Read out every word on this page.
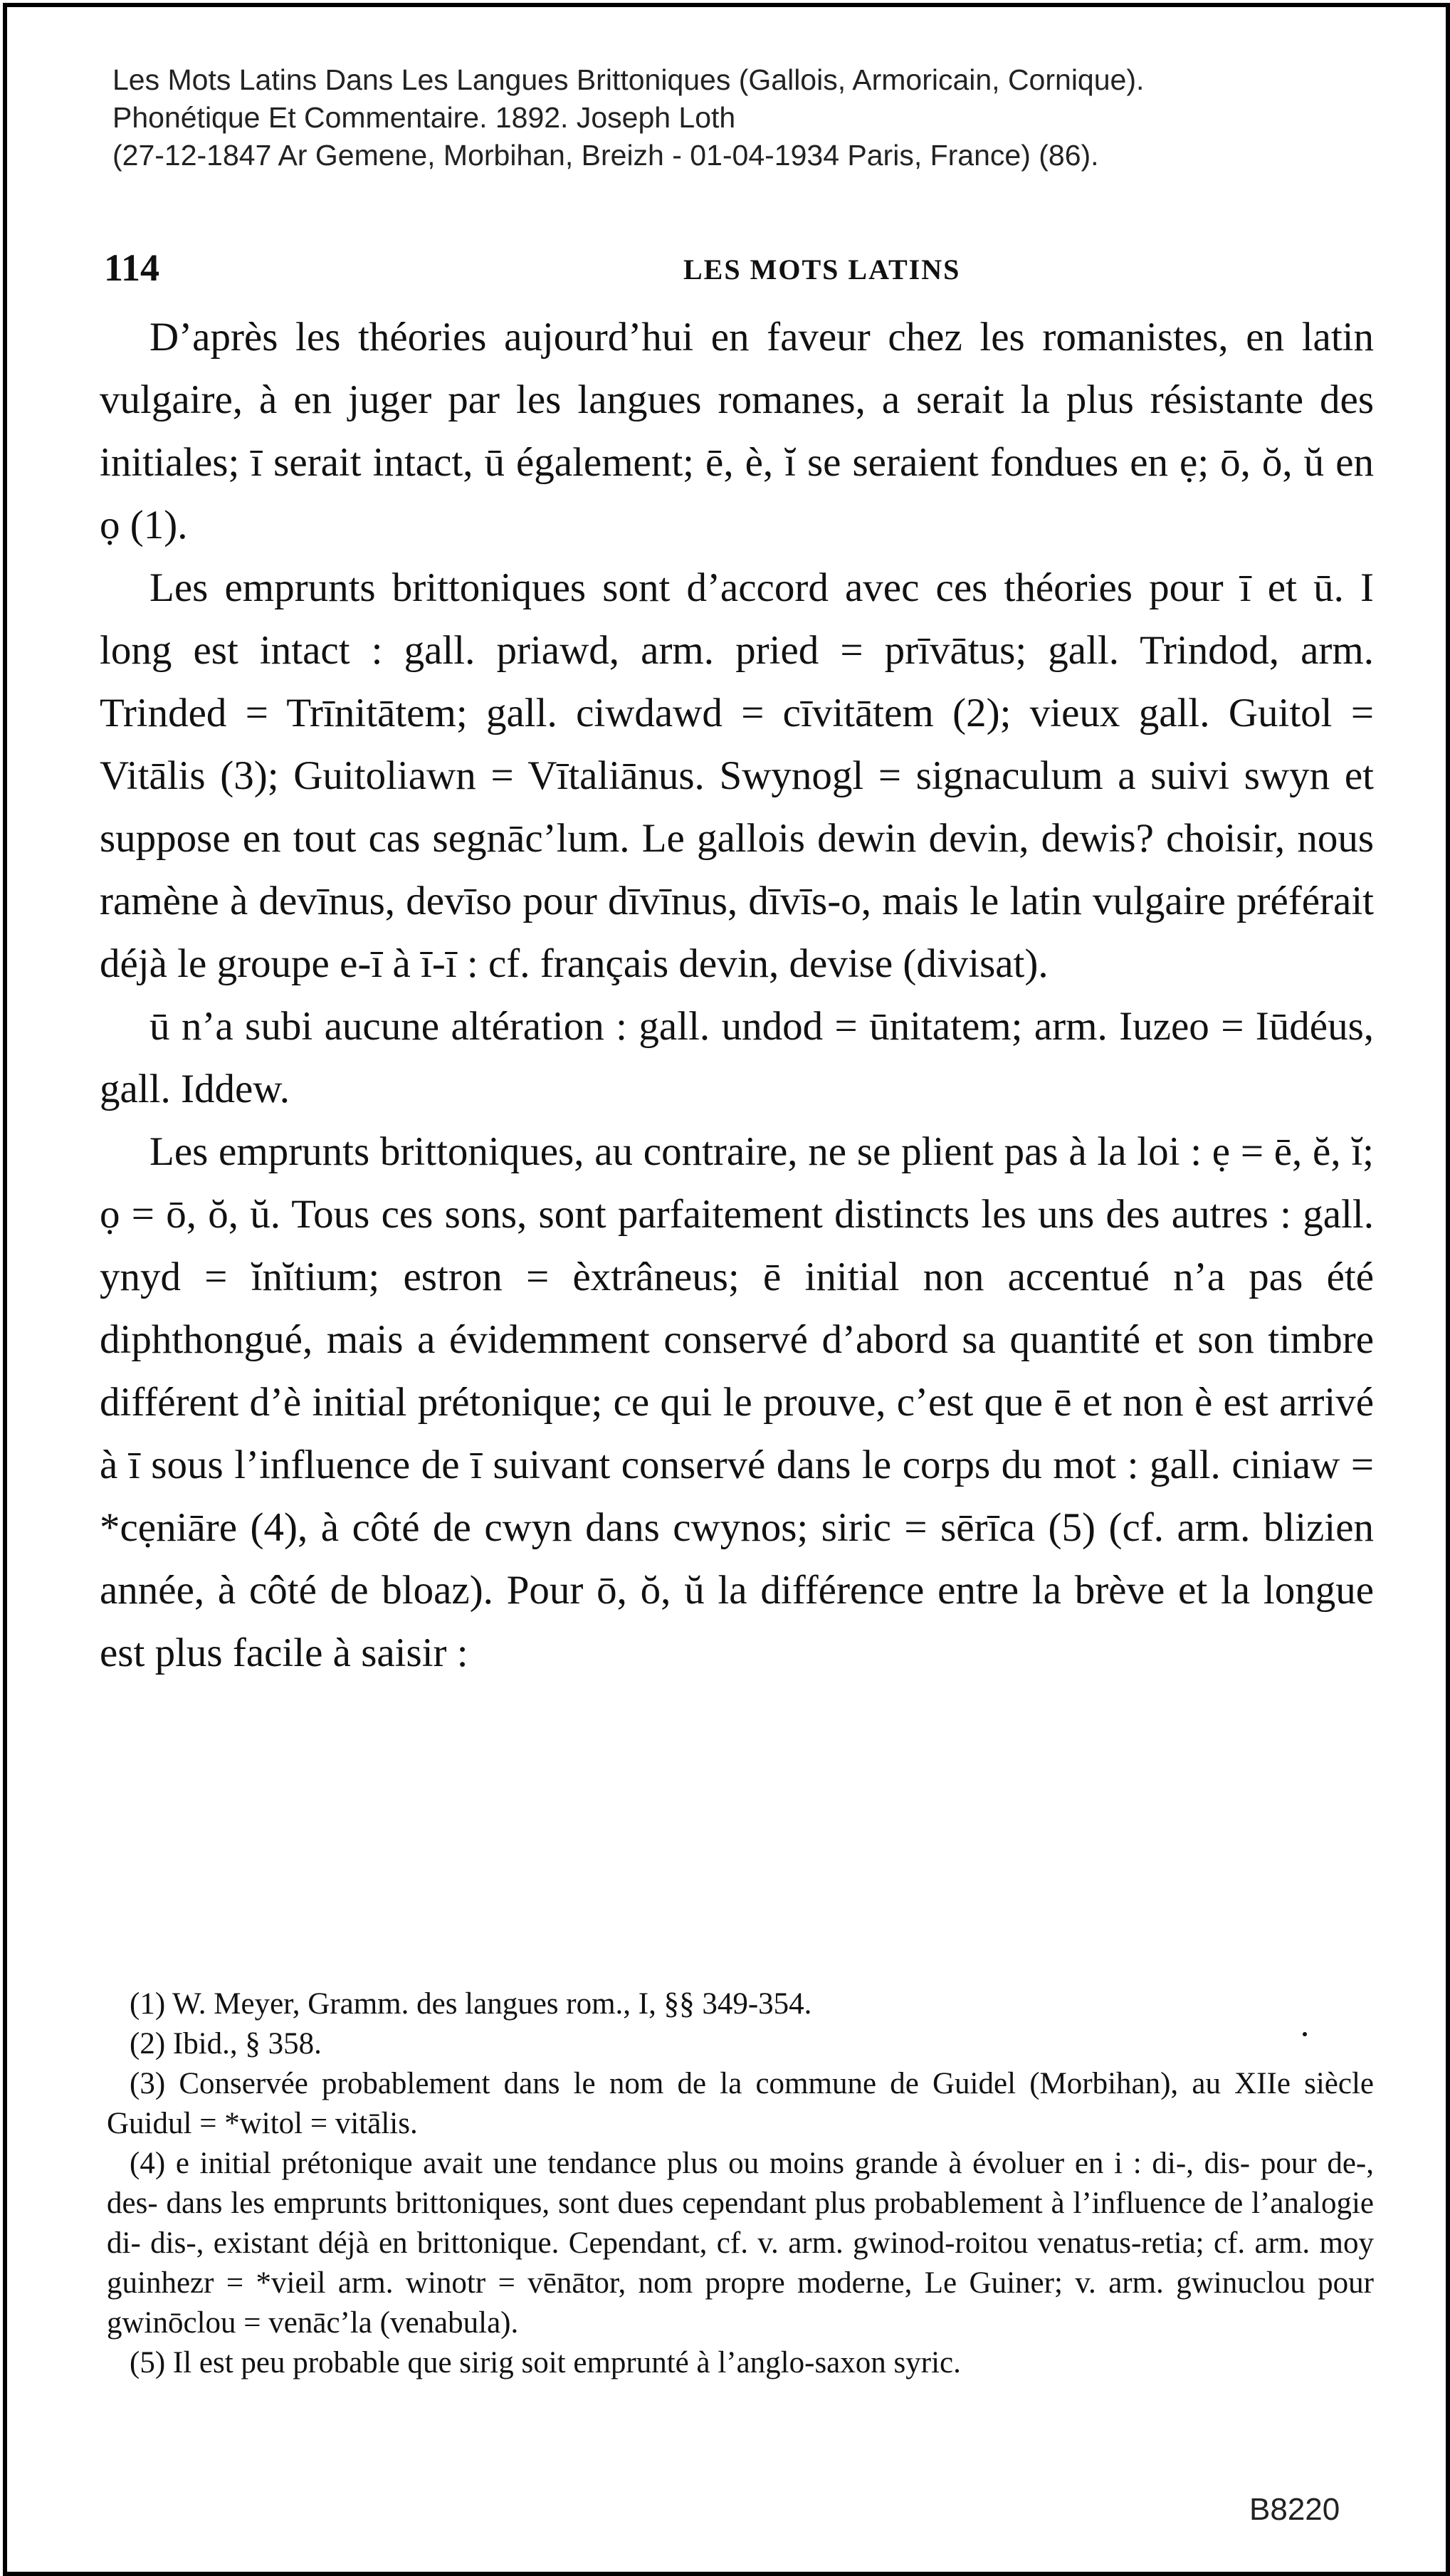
Les Mots Latins Dans Les Langues Brittoniques (Gallois, Armoricain, Cornique).
Phonétique Et Commentaire. 1892. Joseph Loth
(27-12-1847 Ar Gemene, Morbihan, Breizh - 01-04-1934 Paris, France) (86).
114	LES MOTS LATINS

D’après les théories aujourd’hui en faveur chez les romanistes, en latin vulgaire, à en juger par les langues romanes, a serait la plus résistante des initiales; ī serait intact, ū également; ē, è, ĭ se seraient fondues en ẹ; ō, ŏ, ŭ en ọ (1).

Les emprunts brittoniques sont d’accord avec ces théories pour ī et ū. I long est intact : gall. priawd, arm. pried = prīvātus; gall. Trindod, arm. Trinded = Trīnitātem; gall. ciwdawd = cīvitātem (2); vieux gall. Guitol = Vitālis (3); Guitoliawn = Vītaliānus. Swynogl = signaculum a suivi swyn et suppose en tout cas segnāc’lum. Le gallois dewin devin, dewis? choisir, nous ramène à devīnus, devīso pour dīvīnus, dīvīs-o, mais le latin vulgaire préférait déjà le groupe e-ī à ī-ī : cf. français devin, devise (divisat).

ū n’a subi aucune altération : gall. undod = ūnitatem; arm. Iuzeo = Iūdéus, gall. Iddew.

Les emprunts brittoniques, au contraire, ne se plient pas à la loi : ẹ = ē, ĕ, ĭ; ọ = ō, ŏ, ŭ. Tous ces sons, sont parfaitement distincts les uns des autres : gall. ynyd = ĭnĭtium; estron = èxtrâneus; ē initial non accentué n’a pas été diphthongué, mais a évidemment conservé d’abord sa quantité et son timbre différent d’è initial prétonique; ce qui le prouve, c’est que ē et non è est arrivé à ī sous l’influence de ī suivant conservé dans le corps du mot : gall. ciniaw = *cẹniāre (4), à côté de cwyn dans cwynos; siric = sērīca (5) (cf. arm. blizien année, à côté de bloaz). Pour ō, ŏ, ŭ la différence entre la brève et la longue est plus facile à saisir :

(1) W. Meyer, Gramm. des langues rom., I, §§ 349-354.

(2) Ibid., § 358.

(3) Conservée probablement dans le nom de la commune de Guidel (Morbihan), au XIIe siècle Guidul = *witol = vitālis.

(4) e initial prétonique avait une tendance plus ou moins grande à évoluer en i : di-, dis- pour de-, des- dans les emprunts brittoniques, sont dues cependant plus probablement à l’influence de l’analogie di- dis-, existant déjà en brittonique. Cependant, cf. v. arm. gwinod-roitou venatus-retia; cf. arm. moy guinhezr = *vieil arm. winotr = vēnātor, nom propre moderne, Le Guiner; v. arm. gwinuclou pour gwinōclou = venāc’la (venabula).

(5) Il est peu probable que sirig soit emprunté à l’anglo-saxon syric.

B8220
